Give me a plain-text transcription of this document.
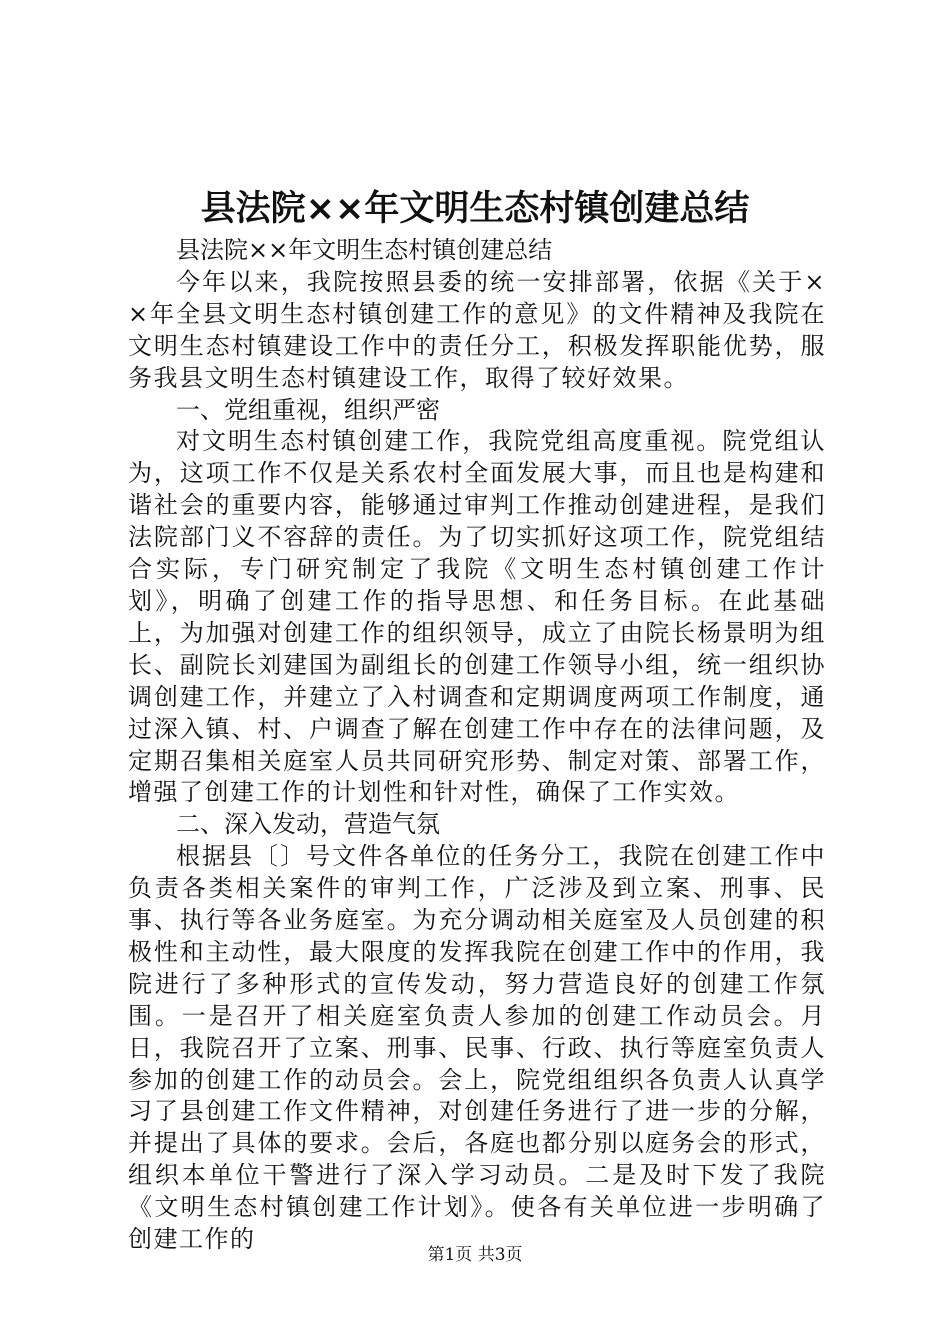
县法院××年文明生态村镇创建总结

县法院××年文明生态村镇创建总结

今年以来，我院按照县委的统一安排部署，依据《关于××年全县文明生态村镇创建工作的意见》的文件精神及我院在文明生态村镇建设工作中的责任分工，积极发挥职能优势，服务我县文明生态村镇建设工作，取得了较好效果。

一、党组重视，组织严密

对文明生态村镇创建工作，我院党组高度重视。院党组认为，这项工作不仅是关系农村全面发展大事，而且也是构建和谐社会的重要内容，能够通过审判工作推动创建进程，是我们法院部门义不容辞的责任。为了切实抓好这项工作，院党组结合实际，专门研究制定了我院《文明生态村镇创建工作计划》，明确了创建工作的指导思想、和任务目标。在此基础上，为加强对创建工作的组织领导，成立了由院长杨景明为组长、副院长刘建国为副组长的创建工作领导小组，统一组织协调创建工作，并建立了入村调查和定期调度两项工作制度，通过深入镇、村、户调查了解在创建工作中存在的法律问题，及定期召集相关庭室人员共同研究形势、制定对策、部署工作，增强了创建工作的计划性和针对性，确保了工作实效。

二、深入发动，营造气氛

根据县〔〕号文件各单位的任务分工，我院在创建工作中负责各类相关案件的审判工作，广泛涉及到立案、刑事、民事、执行等各业务庭室。为充分调动相关庭室及人员创建的积极性和主动性，最大限度的发挥我院在创建工作中的作用，我院进行了多种形式的宣传发动，努力营造良好的创建工作氛围。一是召开了相关庭室负责人参加的创建工作动员会。月日，我院召开了立案、刑事、民事、行政、执行等庭室负责人参加的创建工作的动员会。会上，院党组组织各负责人认真学习了县创建工作文件精神，对创建任务进行了进一步的分解，并提出了具体的要求。会后，各庭也都分别以庭务会的形式，组织本单位干警进行了深入学习动员。二是及时下发了我院《文明生态村镇创建工作计划》。使各有关单位进一步明确了创建工作的

第1页 共3页
